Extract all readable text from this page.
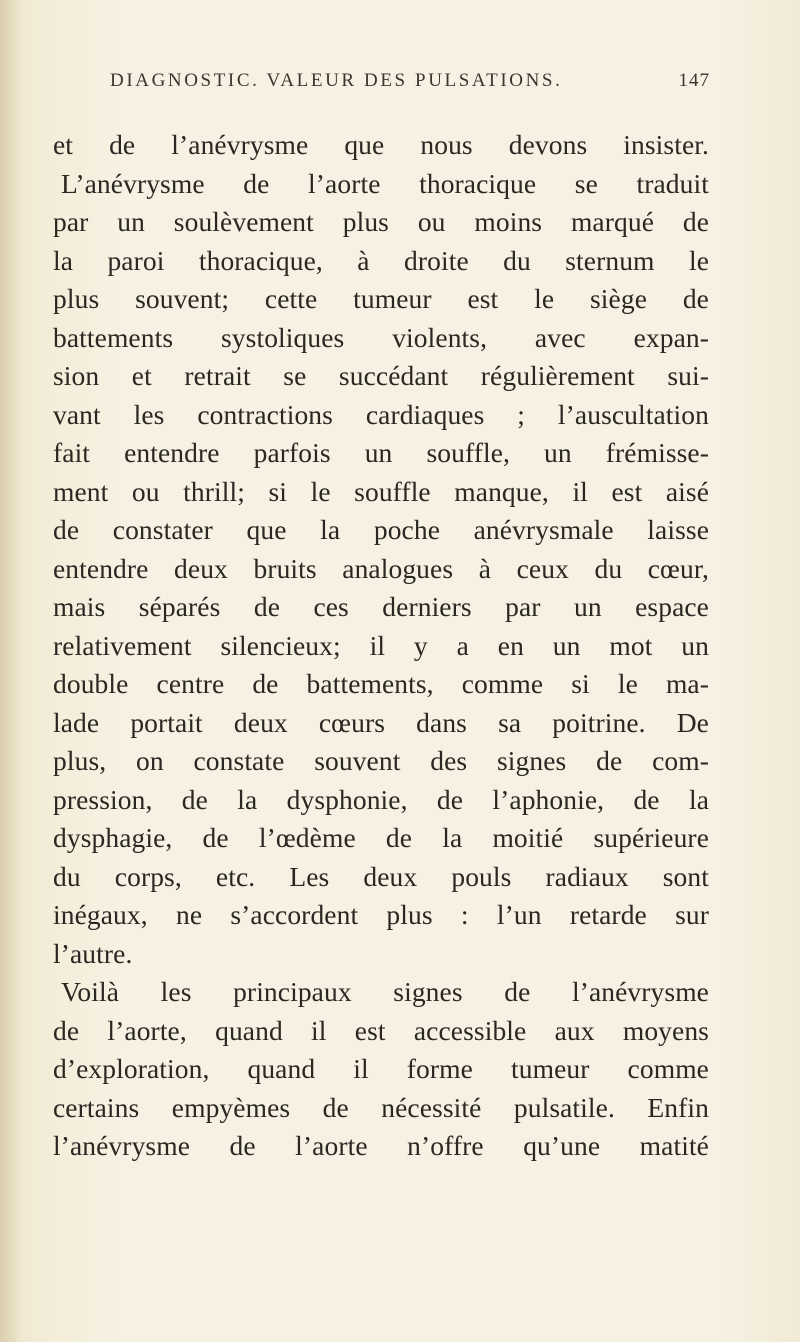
DIAGNOSTIC. VALEUR DES PULSATIONS.	147
et de l’anévrysme que nous devons insister.
L’anévrysme de l’aorte thoracique se traduit
par un soulèvement plus ou moins marqué de
la paroi thoracique, à droite du sternum le
plus souvent; cette tumeur est le siège de
battements systoliques violents, avec expan-
sion et retrait se succédant régulièrement sui-
vant les contractions cardiaques ; l’auscultation
fait entendre parfois un souffle, un frémisse-
ment ou thrill; si le souffle manque, il est aisé
de constater que la poche anévrysmale laisse
entendre deux bruits analogues à ceux du cœur,
mais séparés de ces derniers par un espace
relativement silencieux; il y a en un mot un
double centre de battements, comme si le ma-
lade portait deux cœurs dans sa poitrine. De
plus, on constate souvent des signes de com-
pression, de la dysphonie, de l’aphonie, de la
dysphagie, de l’œdème de la moitié supérieure
du corps, etc. Les deux pouls radiaux sont
inégaux, ne s’accordent plus : l’un retarde sur
l’autre.
Voilà les principaux signes de l’anévrysme
de l’aorte, quand il est accessible aux moyens
d’exploration, quand il forme tumeur comme
certains empyèmes de nécessité pulsatile. Enfin
l’anévrysme de l’aorte n’offre qu’une matité
